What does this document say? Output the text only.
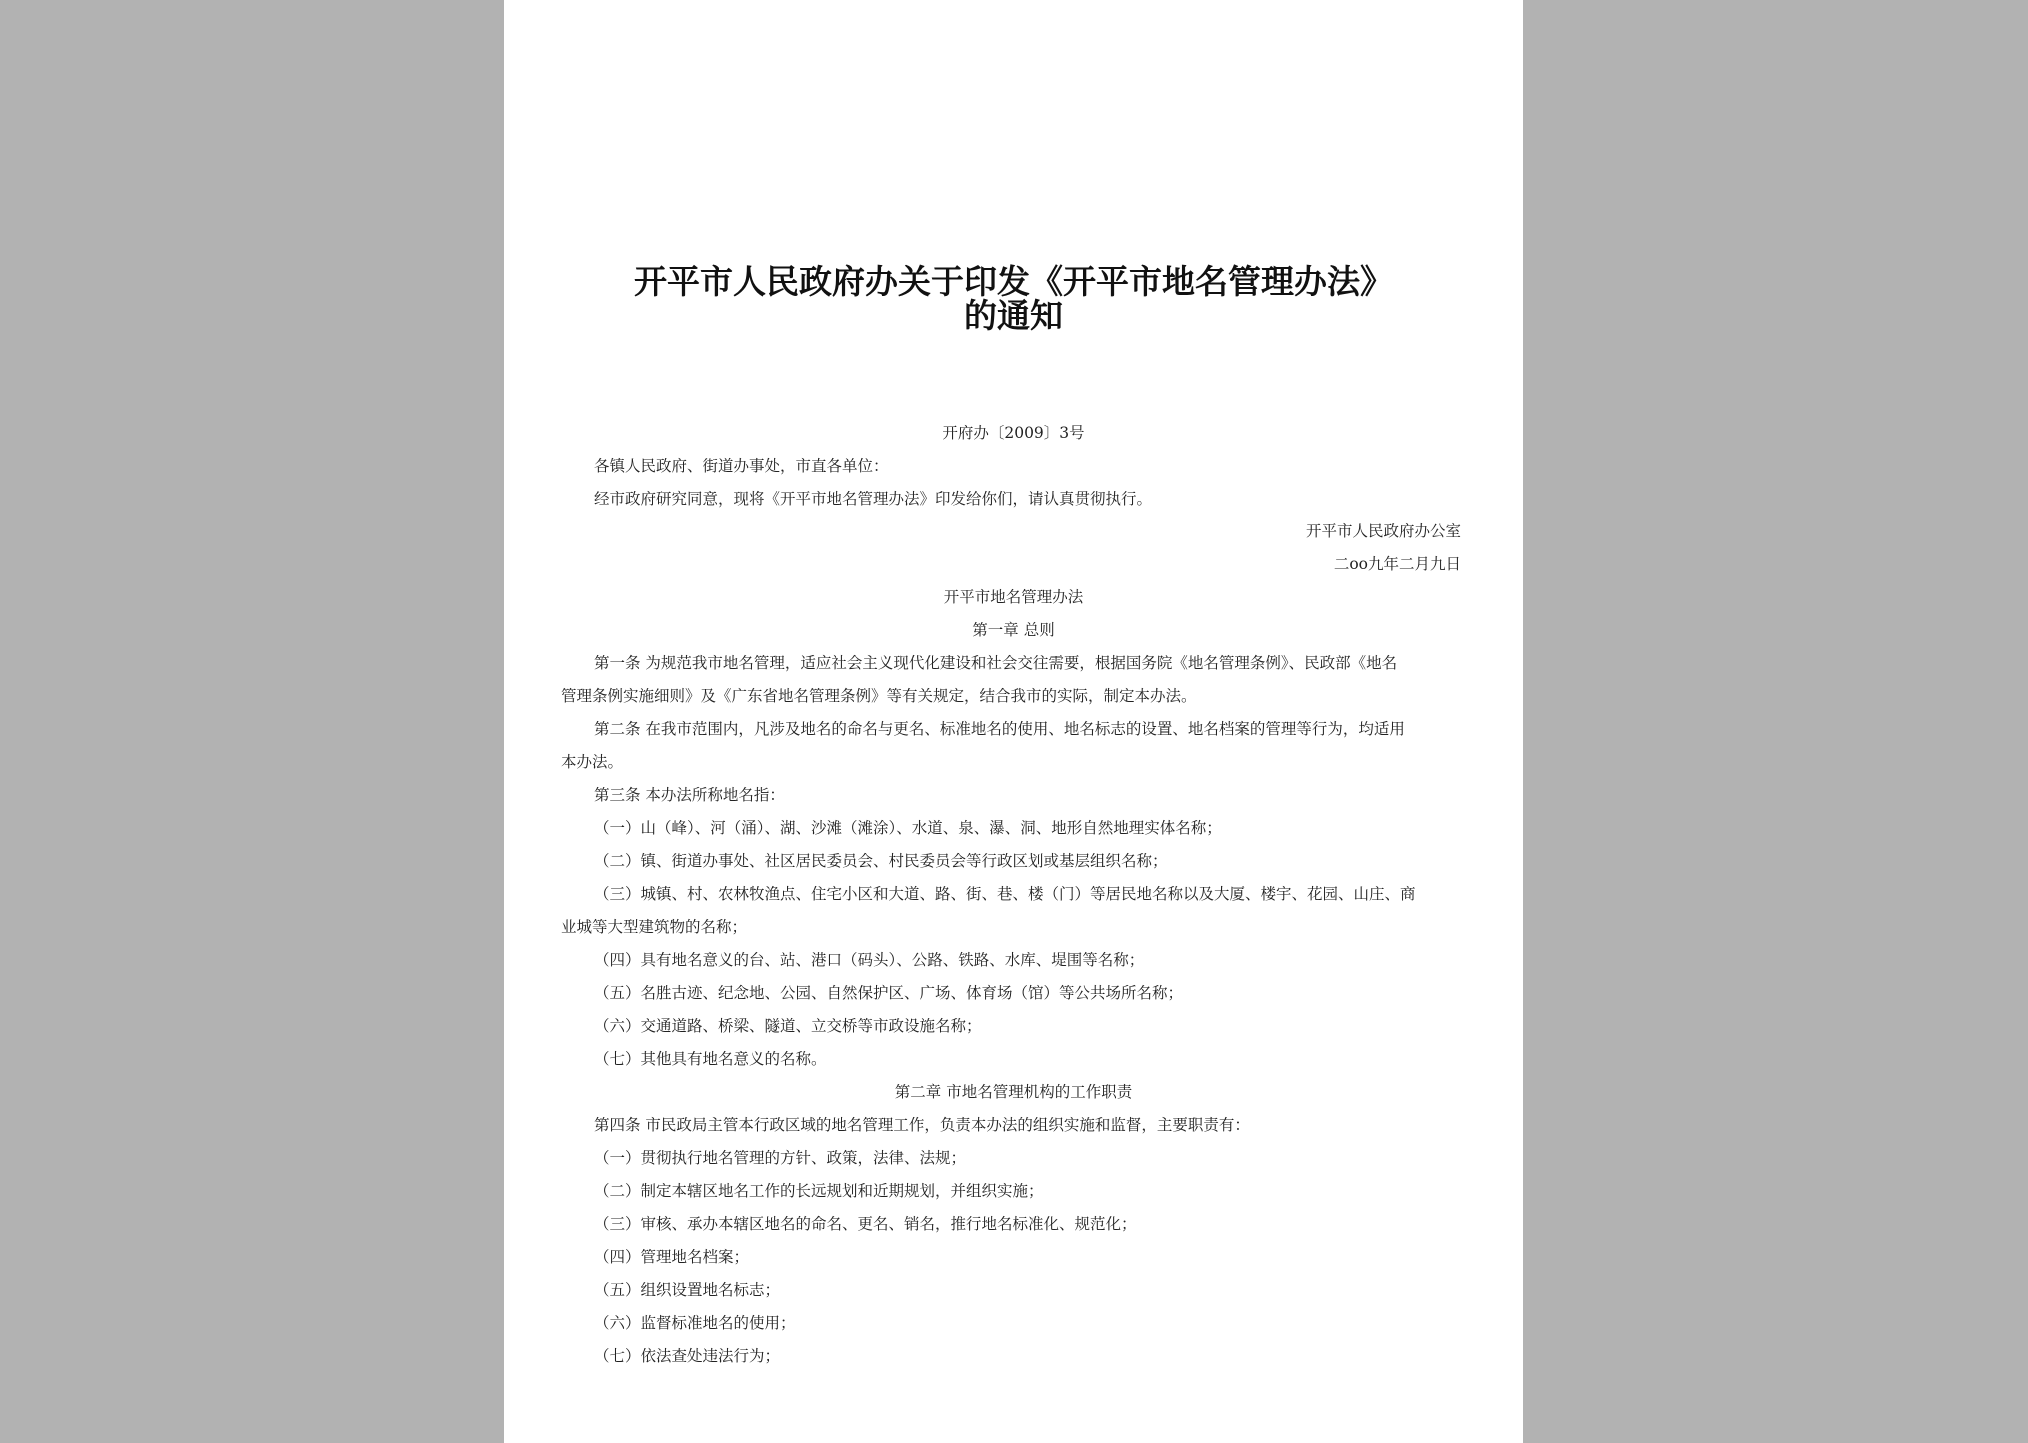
开平市人民政府办关于印发《开平市地名管理办法》
的通知
开府办〔2009〕3号
各镇人民政府、街道办事处，市直各单位：
经市政府研究同意，现将《开平市地名管理办法》印发给你们，请认真贯彻执行。
开平市人民政府办公室
二oo九年二月九日
开平市地名管理办法
第一章 总则
第一条 为规范我市地名管理，适应社会主义现代化建设和社会交往需要，根据国务院《地名管理条例》、民政部《地名
管理条例实施细则》及《广东省地名管理条例》等有关规定，结合我市的实际，制定本办法。
第二条 在我市范围内，凡涉及地名的命名与更名、标准地名的使用、地名标志的设置、地名档案的管理等行为，均适用
本办法。
第三条 本办法所称地名指：
（一）山（峰）、河（涌）、湖、沙滩（滩涂）、水道、泉、瀑、洞、地形自然地理实体名称；
（二）镇、街道办事处、社区居民委员会、村民委员会等行政区划或基层组织名称；
（三）城镇、村、农林牧渔点、住宅小区和大道、路、街、巷、楼（门）等居民地名称以及大厦、楼宇、花园、山庄、商
业城等大型建筑物的名称；
（四）具有地名意义的台、站、港口（码头）、公路、铁路、水库、堤围等名称；
（五）名胜古迹、纪念地、公园、自然保护区、广场、体育场（馆）等公共场所名称；
（六）交通道路、桥梁、隧道、立交桥等市政设施名称；
（七）其他具有地名意义的名称。
第二章 市地名管理机构的工作职责
第四条 市民政局主管本行政区域的地名管理工作，负责本办法的组织实施和监督，主要职责有：
（一）贯彻执行地名管理的方针、政策，法律、法规；
（二）制定本辖区地名工作的长远规划和近期规划，并组织实施；
（三）审核、承办本辖区地名的命名、更名、销名，推行地名标准化、规范化；
（四）管理地名档案；
（五）组织设置地名标志；
（六）监督标准地名的使用；
（七）依法查处违法行为；
